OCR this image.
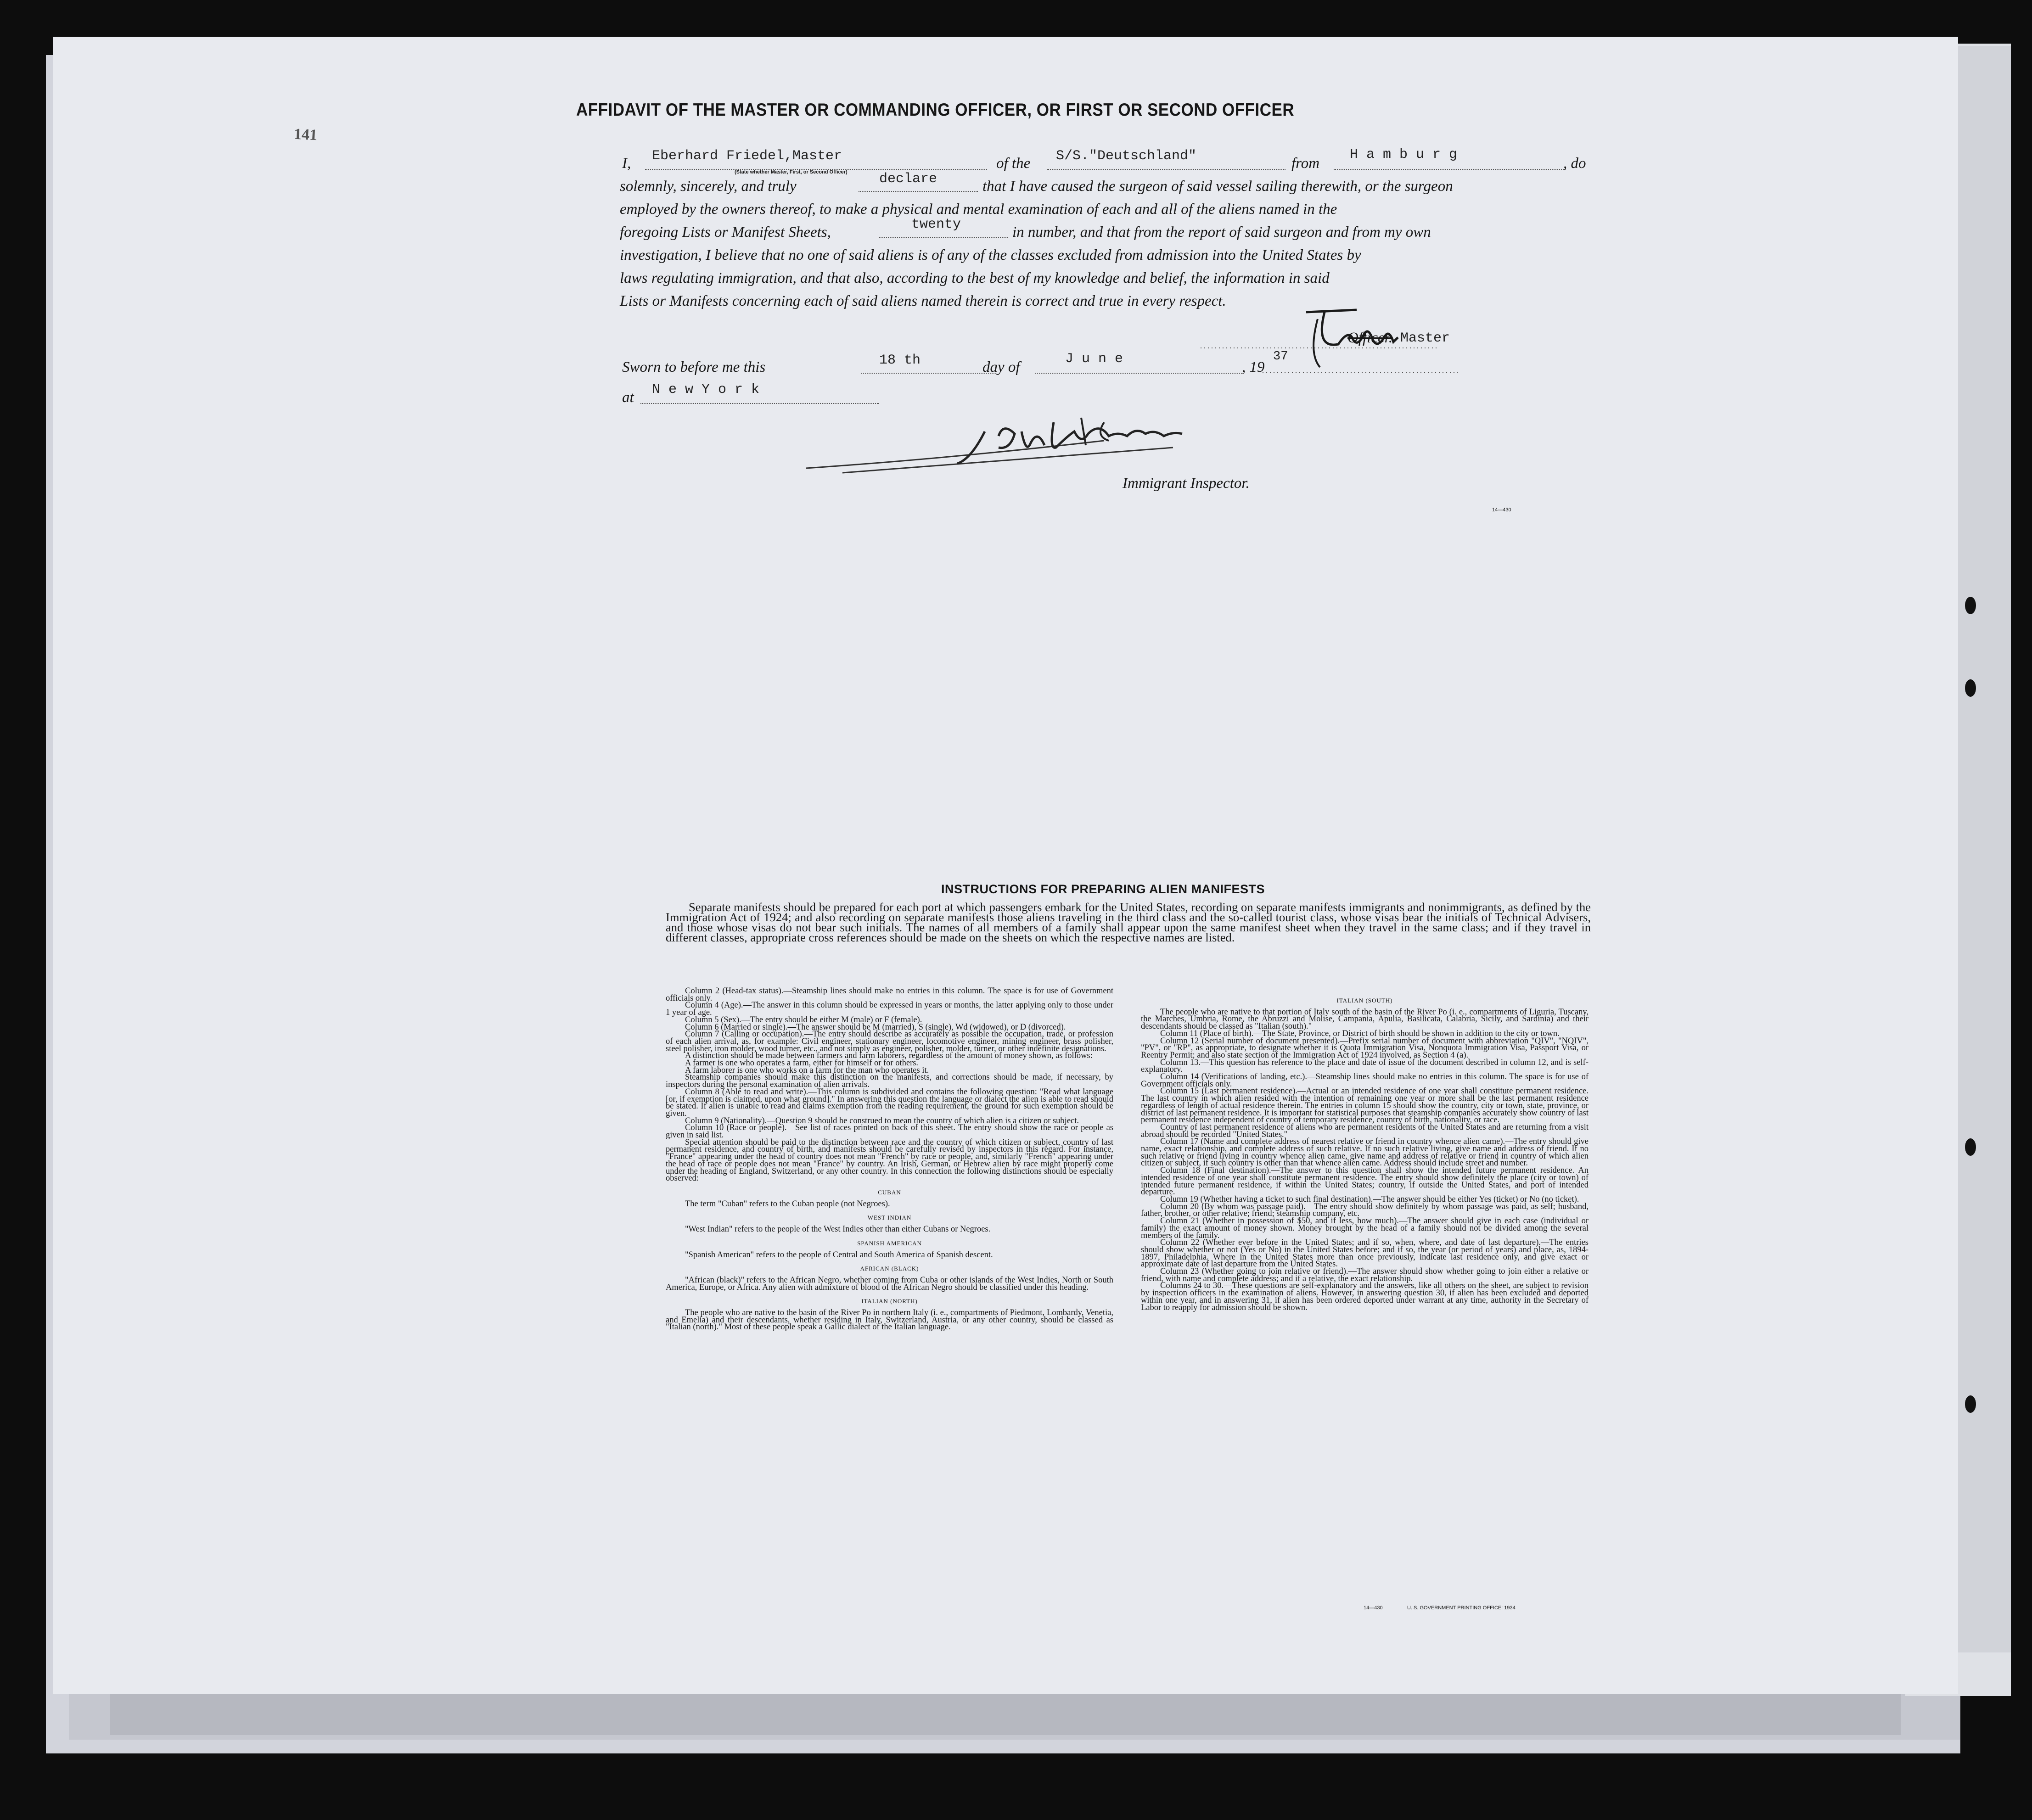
141
AFFIDAVIT OF THE MASTER OR COMMANDING OFFICER, OR FIRST OR SECOND OFFICER
I, Eberhard Friedel,Master
(State whether Master, First, or Second Officer)
of the S/S."Deutschland"	from
H a m b u r g
, do
solemnly, sincerely, and truly	declare	that I have caused the surgeon of said vessel sailing therewith, or the surgeon
employed by the owners thereof, to make a physical and mental examination of each and all of the aliens named in the
foregoing Lists or Manifest Sheets,	twenty	in number, and that from the report of said surgeon and from my own
investigation, I believe that no one of said aliens is of any of the classes excluded from admission into the United States by
laws regulating immigration, and that also, according to the best of my knowledge and belief, the information in said
Lists or Manifests concerning each of said aliens named therein is correct and true in every respect.
Officer. Master
Sworn to before me this	18 th	day of	J u n e	, 19
37
at N e w Y o r k
Immigrant Inspector.
14—430
INSTRUCTIONS FOR PREPARING ALIEN MANIFESTS
Separate manifests should be prepared for each port at which passengers embark for the United States, recording on separate manifests immigrants and nonimmigrants, as defined by the Immigration Act of 1924; and also recording on separate manifests those aliens traveling in the third class and the so-called tourist class, whose visas bear the initials of Technical Advisers, and those whose visas do not bear such initials. The names of all members of a family shall appear upon the same manifest sheet when they travel in the same class; and if they travel in different classes, appropriate cross references should be made on the sheets on which the respective names are listed.

Column 2 (Head-tax status).—Steamship lines should make no entries in this column. The space is for use of Government officials only.

Column 4 (Age).—The answer in this column should be expressed in years or months, the latter applying only to those under 1 year of age.

Column 5 (Sex).—The entry should be either M (male) or F (female).

Column 6 (Married or single).—The answer should be M (married), S (single), Wd (widowed), or D (divorced).

Column 7 (Calling or occupation).—The entry should describe as accurately as possible the occupation, trade, or profession of each alien arrival, as, for example: Civil engineer, stationary engineer, locomotive engineer, mining engineer, brass polisher, steel polisher, iron molder, wood turner, etc., and not simply as engineer, polisher, molder, turner, or other indefinite designations.

A distinction should be made between farmers and farm laborers, regardless of the amount of money shown, as follows:

A farmer is one who operates a farm, either for himself or for others.

A farm laborer is one who works on a farm for the man who operates it.

Steamship companies should make this distinction on the manifests, and corrections should be made, if necessary, by inspectors during the personal examination of alien arrivals.

Column 8 (Able to read and write).—This column is subdivided and contains the following question: "Read what language [or, if exemption is claimed, upon what ground]." In answering this question the language or dialect the alien is able to read should be stated. If alien is unable to read and claims exemption from the reading requirement, the ground for such exemption should be given.

Column 9 (Nationality).—Question 9 should be construed to mean the country of which alien is a citizen or subject.

Column 10 (Race or people).—See list of races printed on back of this sheet. The entry should show the race or people as given in said list.

Special attention should be paid to the distinction between race and the country of which citizen or subject, country of last permanent residence, and country of birth, and manifests should be carefully revised by inspectors in this regard. For instance, "France" appearing under the head of country does not mean "French" by race or people, and, similarly "French" appearing under the head of race or people does not mean "France" by country. An Irish, German, or Hebrew alien by race might properly come under the heading of England, Switzerland, or any other country. In this connection the following distinctions should be especially observed:

CUBAN

The term "Cuban" refers to the Cuban people (not Negroes).

WEST INDIAN

"West Indian" refers to the people of the West Indies other than either Cubans or Negroes.

SPANISH AMERICAN

"Spanish American" refers to the people of Central and South America of Spanish descent.

AFRICAN (BLACK)

"African (black)" refers to the African Negro, whether coming from Cuba or other islands of the West Indies, North or South America, Europe, or Africa. Any alien with admixture of blood of the African Negro should be classified under this heading.

ITALIAN (NORTH)

The people who are native to the basin of the River Po in northern Italy (i. e., compartments of Piedmont, Lombardy, Venetia, and Emelia) and their descendants, whether residing in Italy, Switzerland, Austria, or any other country, should be classed as "Italian (north)." Most of these people speak a Gallic dialect of the Italian language.

ITALIAN (SOUTH)

The people who are native to that portion of Italy south of the basin of the River Po (i. e., compartments of Liguria, Tuscany, the Marches, Umbria, Rome, the Abruzzi and Molise, Campania, Apulia, Basilicata, Calabria, Sicily, and Sardinia) and their descendants should be classed as "Italian (south)."

Column 11 (Place of birth).—The State, Province, or District of birth should be shown in addition to the city or town.

Column 12 (Serial number of document presented).—Prefix serial number of document with abbreviation "QIV", "NQIV", "PV", or "RP", as appropriate, to designate whether it is Quota Immigration Visa, Nonquota Immigration Visa, Passport Visa, or Reentry Permit; and also state section of the Immigration Act of 1924 involved, as Section 4 (a).

Column 13.—This question has reference to the place and date of issue of the document described in column 12, and is self-explanatory.

Column 14 (Verifications of landing, etc.).—Steamship lines should make no entries in this column. The space is for use of Government officials only.

Column 15 (Last permanent residence).—Actual or an intended residence of one year shall constitute permanent residence. The last country in which alien resided with the intention of remaining one year or more shall be the last permanent residence regardless of length of actual residence therein. The entries in column 15 should show the country, city or town, state, province, or district of last permanent residence. It is important for statistical purposes that steamship companies accurately show country of last permanent residence independent of country of temporary residence, country of birth, nationality, or race.

Country of last permanent residence of aliens who are permanent residents of the United States and are returning from a visit abroad should be recorded "United States."

Column 17 (Name and complete address of nearest relative or friend in country whence alien came).—The entry should give name, exact relationship, and complete address of such relative. If no such relative living, give name and address of friend. If no such relative or friend living in country whence alien came, give name and address of relative or friend in country of which alien citizen or subject, if such country is other than that whence alien came. Address should include street and number.

Column 18 (Final destination).—The answer to this question shall show the intended future permanent residence. An intended residence of one year shall constitute permanent residence. The entry should show definitely the place (city or town) of intended future permanent residence, if within the United States; country, if outside the United States, and port of intended departure.

Column 19 (Whether having a ticket to such final destination).—The answer should be either Yes (ticket) or No (no ticket).

Column 20 (By whom was passage paid).—The entry should show definitely by whom passage was paid, as self; husband, father, brother, or other relative; friend; steamship company, etc.

Column 21 (Whether in possession of $50, and if less, how much).—The answer should give in each case (individual or family) the exact amount of money shown. Money brought by the head of a family should not be divided among the several members of the family.

Column 22 (Whether ever before in the United States; and if so, when, where, and date of last departure).—The entries should show whether or not (Yes or No) in the United States before; and if so, the year (or period of years) and place, as, 1894-1897, Philadelphia. Where in the United States more than once previously, indicate last residence only, and give exact or approximate date of last departure from the United States.

Column 23 (Whether going to join relative or friend).—The answer should show whether going to join either a relative or friend, with name and complete address; and if a relative, the exact relationship.

Columns 24 to 30.—These questions are self-explanatory and the answers, like all others on the sheet, are subject to revision by inspection officers in the examination of aliens. However, in answering question 30, if alien has been excluded and deported within one year, and in answering 31, if alien has been ordered deported under warrant at any time, authority in the Secretary of Labor to reapply for admission should be shown.

14—430	U. S. GOVERNMENT PRINTING OFFICE: 1934
